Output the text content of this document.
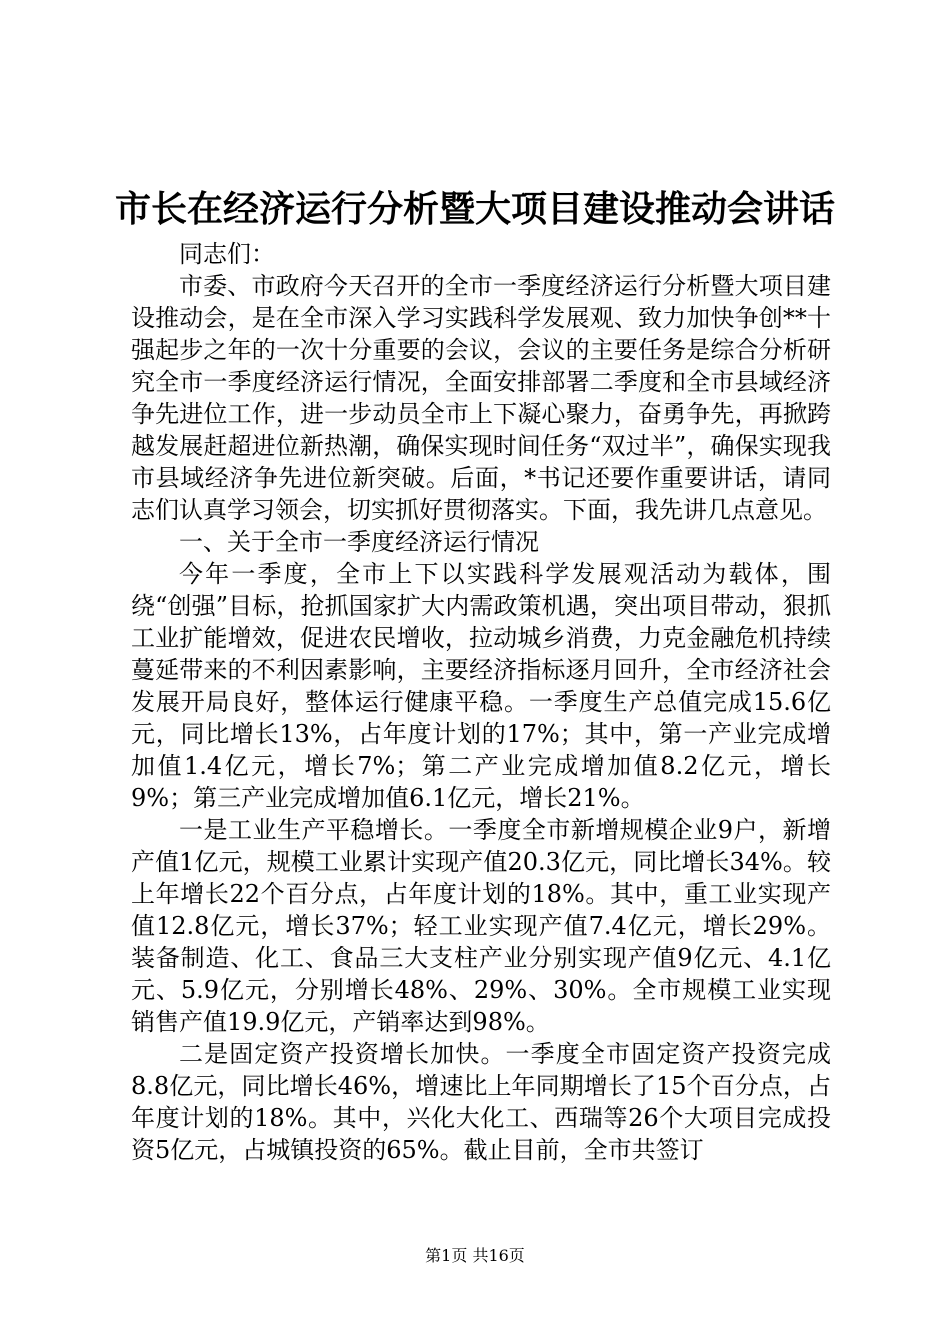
市长在经济运行分析暨大项目建设推动会讲话

同志们：

市委、市政府今天召开的全市一季度经济运行分析暨大项目建设推动会，是在全市深入学习实践科学发展观、致力加快争创**十强起步之年的一次十分重要的会议，会议的主要任务是综合分析研究全市一季度经济运行情况，全面安排部署二季度和全市县域经济争先进位工作，进一步动员全市上下凝心聚力，奋勇争先，再掀跨越发展赶超进位新热潮，确保实现时间任务“双过半”，确保实现我市县域经济争先进位新突破。后面，*书记还要作重要讲话，请同志们认真学习领会，切实抓好贯彻落实。下面，我先讲几点意见。

一、关于全市一季度经济运行情况

今年一季度，全市上下以实践科学发展观活动为载体，围绕“创强”目标，抢抓国家扩大内需政策机遇，突出项目带动，狠抓工业扩能增效，促进农民增收，拉动城乡消费，力克金融危机持续蔓延带来的不利因素影响，主要经济指标逐月回升，全市经济社会发展开局良好，整体运行健康平稳。一季度生产总值完成15.6亿元，同比增长13%，占年度计划的17%；其中，第一产业完成增加值1.4亿元，增长7%；第二产业完成增加值8.2亿元，增长9%；第三产业完成增加值6.1亿元，增长21%。

一是工业生产平稳增长。一季度全市新增规模企业9户，新增产值1亿元，规模工业累计实现产值20.3亿元，同比增长34%。较上年增长22个百分点，占年度计划的18%。其中，重工业实现产值12.8亿元，增长37%；轻工业实现产值7.4亿元，增长29%。装备制造、化工、食品三大支柱产业分别实现产值9亿元、4.1亿元、5.9亿元，分别增长48%、29%、30%。全市规模工业实现销售产值19.9亿元，产销率达到98%。

二是固定资产投资增长加快。一季度全市固定资产投资完成8.8亿元，同比增长46%，增速比上年同期增长了15个百分点，占年度计划的18%。其中，兴化大化工、西瑞等26个大项目完成投资5亿元，占城镇投资的65%。截止目前，全市共签订

第1页 共16页
